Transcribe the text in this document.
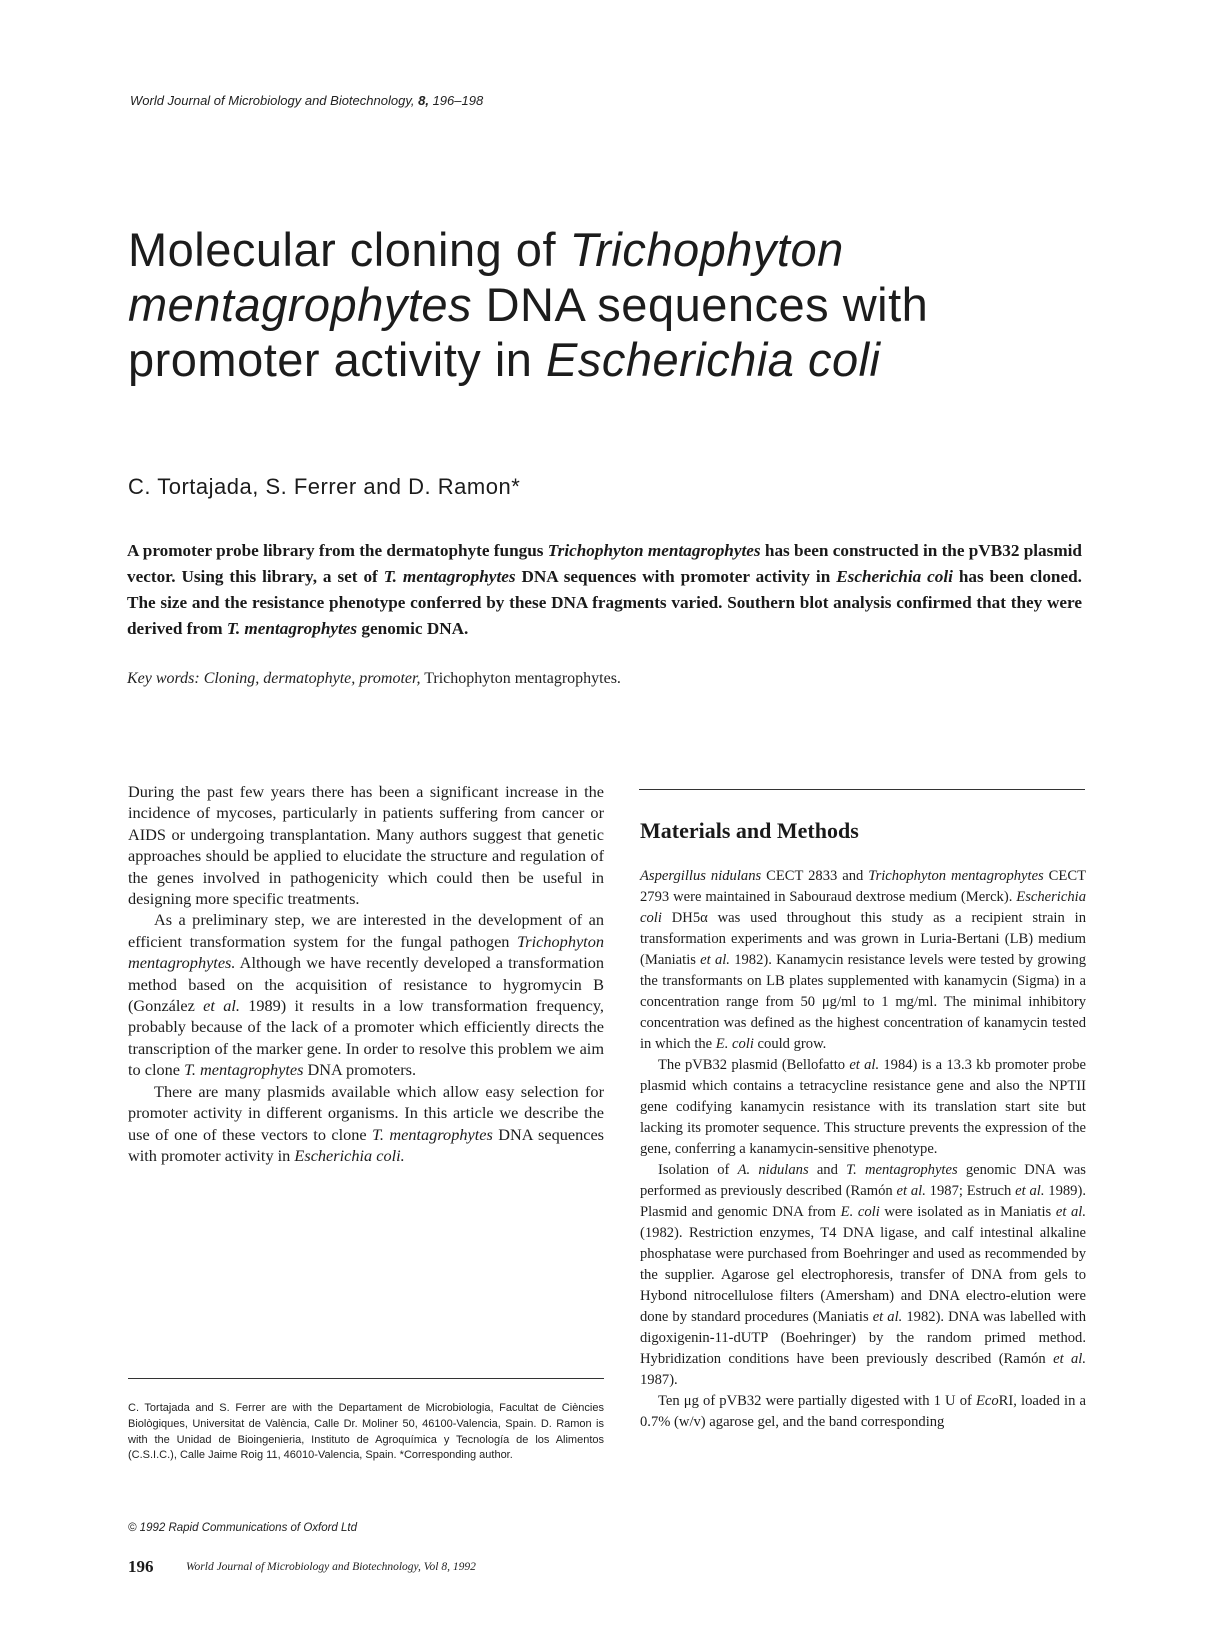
World Journal of Microbiology and Biotechnology, 8, 196–198
Molecular cloning of Trichophyton mentagrophytes DNA sequences with promoter activity in Escherichia coli
C. Tortajada, S. Ferrer and D. Ramon*

A promoter probe library from the dermatophyte fungus Trichophyton mentagrophytes has been constructed in the pVB32 plasmid vector. Using this library, a set of T. mentagrophytes DNA sequences with promoter activity in Escherichia coli has been cloned. The size and the resistance phenotype conferred by these DNA fragments varied. Southern blot analysis confirmed that they were derived from T. mentagrophytes genomic DNA.

Key words: Cloning, dermatophyte, promoter, Trichophyton mentagrophytes.

During the past few years there has been a significant increase in the incidence of mycoses, particularly in patients suffering from cancer or AIDS or undergoing transplantation. Many authors suggest that genetic approaches should be applied to elucidate the structure and regulation of the genes involved in pathogenicity which could then be useful in designing more specific treatments.

As a preliminary step, we are interested in the development of an efficient transformation system for the fungal pathogen Trichophyton mentagrophytes. Although we have recently developed a transformation method based on the acquisition of resistance to hygromycin B (González et al. 1989) it results in a low transformation frequency, probably because of the lack of a promoter which efficiently directs the transcription of the marker gene. In order to resolve this problem we aim to clone T. mentagrophytes DNA promoters.

There are many plasmids available which allow easy selection for promoter activity in different organisms. In this article we describe the use of one of these vectors to clone T. mentagrophytes DNA sequences with promoter activity in Escherichia coli.

C. Tortajada and S. Ferrer are with the Departament de Microbiologia, Facultat de Ciències Biològiques, Universitat de València, Calle Dr. Moliner 50, 46100-Valencia, Spain. D. Ramon is with the Unidad de Bioingenieria, Instituto de Agroquímica y Tecnología de los Alimentos (C.S.I.C.), Calle Jaime Roig 11, 46010-Valencia, Spain. *Corresponding author.

© 1992 Rapid Communications of Oxford Ltd
196	World Journal of Microbiology and Biotechnology, Vol 8, 1992
Materials and Methods

Aspergillus nidulans CECT 2833 and Trichophyton mentagrophytes CECT 2793 were maintained in Sabouraud dextrose medium (Merck). Escherichia coli DH5α was used throughout this study as a recipient strain in transformation experiments and was grown in Luria-Bertani (LB) medium (Maniatis et al. 1982). Kanamycin resistance levels were tested by growing the transformants on LB plates supplemented with kanamycin (Sigma) in a concentration range from 50 μg/ml to 1 mg/ml. The minimal inhibitory concentration was defined as the highest concentration of kanamycin tested in which the E. coli could grow.

The pVB32 plasmid (Bellofatto et al. 1984) is a 13.3 kb promoter probe plasmid which contains a tetracycline resistance gene and also the NPTII gene codifying kanamycin resistance with its translation start site but lacking its promoter sequence. This structure prevents the expression of the gene, conferring a kanamycin-sensitive phenotype.

Isolation of A. nidulans and T. mentagrophytes genomic DNA was performed as previously described (Ramón et al. 1987; Estruch et al. 1989). Plasmid and genomic DNA from E. coli were isolated as in Maniatis et al. (1982). Restriction enzymes, T4 DNA ligase, and calf intestinal alkaline phosphatase were purchased from Boehringer and used as recommended by the supplier. Agarose gel electrophoresis, transfer of DNA from gels to Hybond nitrocellulose filters (Amersham) and DNA electro-elution were done by standard procedures (Maniatis et al. 1982). DNA was labelled with digoxigenin-11-dUTP (Boehringer) by the random primed method. Hybridization conditions have been previously described (Ramón et al. 1987).

Ten μg of pVB32 were partially digested with 1 U of EcoRI, loaded in a 0.7% (w/v) agarose gel, and the band corresponding
